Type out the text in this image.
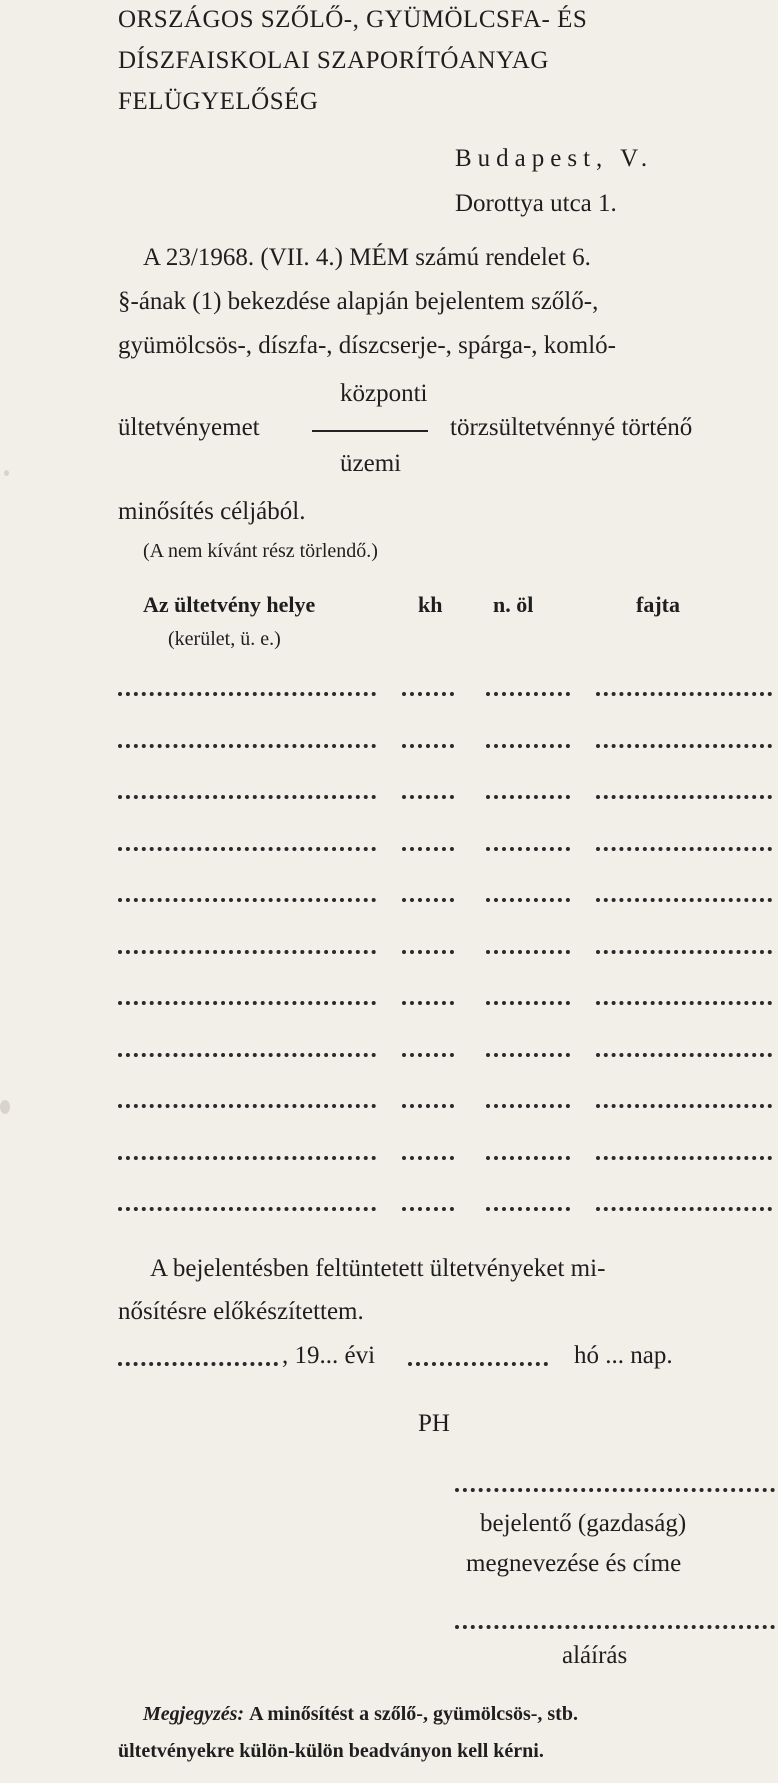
ORSZÁGOS SZŐLŐ-, GYÜMÖLCSFA- ÉS
DÍSZFAISKOLAI SZAPORÍTÓANYAG
FELÜGYELŐSÉG
Budapest, V.
Dorottya utca 1.
A 23/1968. (VII. 4.) MÉM számú rendelet 6.
§-ának (1) bekezdése alapján bejelentem szőlő-,
gyümölcsös-, díszfa-, díszcserje-, spárga-, komló-
központi
ültetvényemet	törzsültetvénnyé történő
üzemi
minősítés céljából.
(A nem kívánt rész törlendő.)
Az ültetvény helye	kh n. öl	fajta
(kerület, ü. e.)
A bejelentésben feltüntetett ültetvényeket mi-
nősítésre előkészítettem.
, 19... évi	hó ... nap.
PH
bejelentő (gazdaság)
megnevezése és címe
aláírás
Megjegyzés: A minősítést a szőlő-, gyümölcsös-, stb.
ültetvényekre külön-külön beadványon kell kérni.
